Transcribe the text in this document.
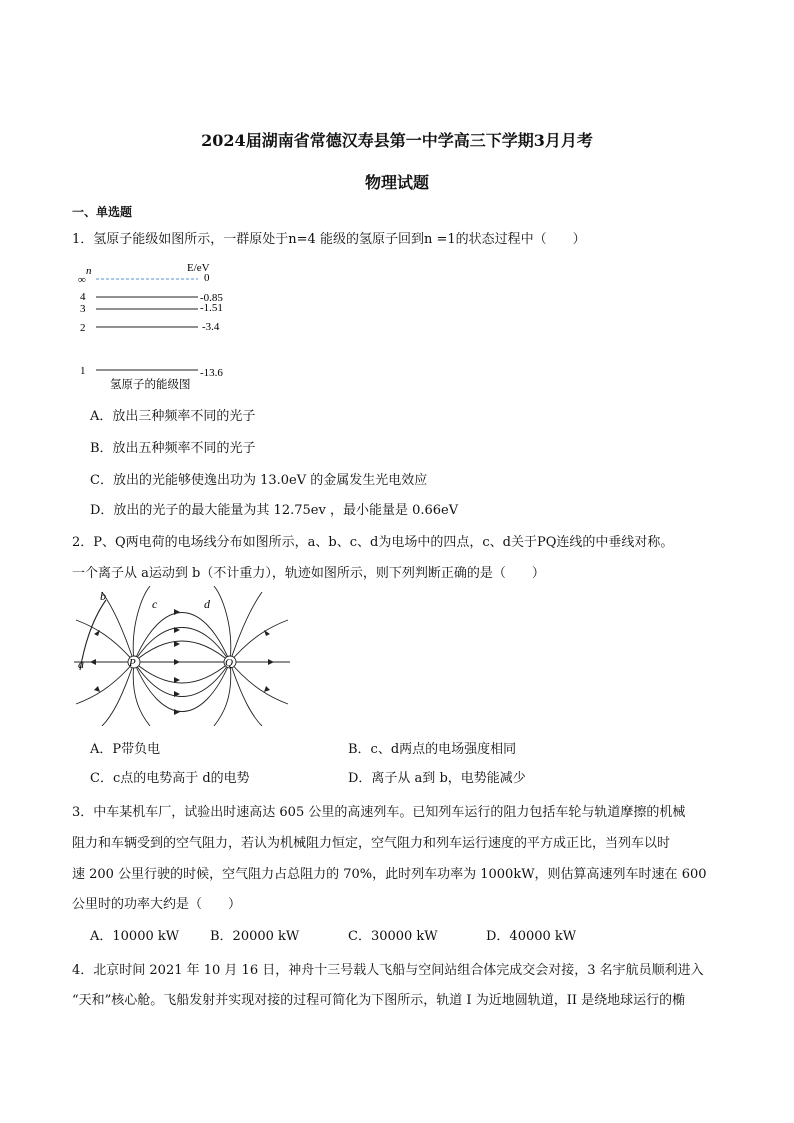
2024届湖南省常德汉寿县第一中学高三下学期3月月考
物理试题
一、单选题
1．氢原子能级如图所示，一群原处于n=4 能级的氢原子回到n =1的状态过程中（　　）
n	E/eV
∞	0
4	-0.85
3	-1.51
2	-3.4
1	-13.6
氢原子的能级图
A．放出三种频率不同的光子
B．放出五种频率不同的光子
C．放出的光能够使逸出功为 13.0eV 的金属发生光电效应
D．放出的光子的最大能量为其 12.75ev ，最小能量是 0.66eV
2．P、Q两电荷的电场线分布如图所示，a、b、c、d为电场中的四点，c、d关于PQ连线的中垂线对称。
一个离子从 a运动到 b（不计重力），轨迹如图所示，则下列判断正确的是（　　）
P	Q
a
b
c	d
A．P带负电	B．c、d两点的电场强度相同
C．c点的电势高于 d的电势	D．离子从 a到 b，电势能减少
3．中车某机车厂，试验出时速高达 605 公里的高速列车。已知列车运行的阻力包括车轮与轨道摩擦的机械
阻力和车辆受到的空气阻力，若认为机械阻力恒定，空气阻力和列车运行速度的平方成正比，当列车以时
速 200 公里行驶的时候，空气阻力占总阻力的 70%，此时列车功率为 1000kW，则估算高速列车时速在 600
公里时的功率大约是（　　）
A．10000 kW B．20000 kW	C．30000 kW	D．40000 kW
4．北京时间 2021 年 10 月 16 日，神舟十三号载人飞船与空间站组合体完成交会对接，3 名宇航员顺利进入
“天和”核心舱。飞船发射并实现对接的过程可简化为下图所示，轨道 I 为近地圆轨道，II 是绕地球运行的椭
